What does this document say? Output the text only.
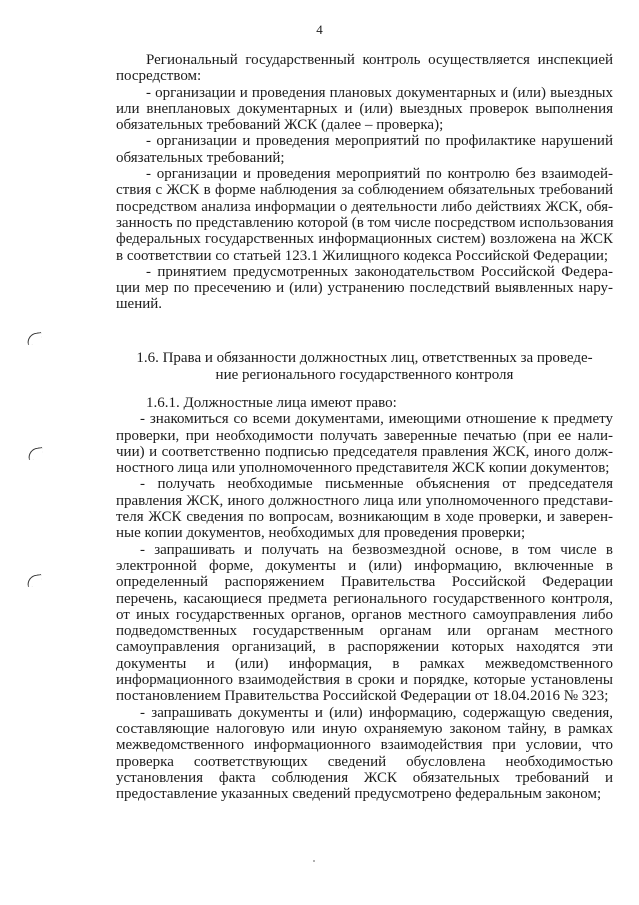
4
Региональный государственный контроль осуществляется инспекцией
посредством:
- организации и проведения плановых документарных и (или) выездных
или внеплановых документарных и (или) выездных проверок выполнения
обязательных требований ЖСК (далее – проверка);
- организации и проведения мероприятий по профилактике нарушений
обязательных требований;
- организации и проведения мероприятий по контролю без взаимодей-
ствия с ЖСК в форме наблюдения за соблюдением обязательных требований
посредством анализа информации о деятельности либо действиях ЖСК, обя-
занность по представлению которой (в том числе посредством использования
федеральных государственных информационных систем) возложена на ЖСК
в соответствии со статьей 123.1 Жилищного кодекса Российской Федерации;
- принятием предусмотренных законодательством Российской Федера-
ции мер по пресечению и (или) устранению последствий выявленных нару-
шений.
1.6. Права и обязанности должностных лиц, ответственных за проведе-
ние регионального государственного контроля
1.6.1. Должностные лица имеют право:
- знакомиться со всеми документами, имеющими отношение к предмету
проверки, при необходимости получать заверенные печатью (при ее нали-
чии) и соответственно подписью председателя правления ЖСК, иного долж-
ностного лица или уполномоченного представителя ЖСК копии документов;
- получать необходимые письменные объяснения от председателя
правления ЖСК, иного должностного лица или уполномоченного представи-
теля ЖСК сведения по вопросам, возникающим в ходе проверки, и заверен-
ные копии документов, необходимых для проведения проверки;
- запрашивать и получать на безвозмездной основе, в том числе в
электронной форме, документы и (или) информацию, включенные в
определенный распоряжением Правительства Российской Федерации
перечень, касающиеся предмета регионального государственного контроля,
от иных государственных органов, органов местного самоуправления либо
подведомственных государственным органам или органам местного
самоуправления организаций, в распоряжении которых находятся эти
документы и (или) информация, в рамках межведомственного
информационного взаимодействия в сроки и порядке, которые установлены
постановлением Правительства Российской Федерации от 18.04.2016 № 323;
- запрашивать документы и (или) информацию, содержащую сведения,
составляющие налоговую или иную охраняемую законом тайну, в рамках
межведомственного информационного взаимодействия при условии, что
проверка соответствующих сведений обусловлена необходимостью
установления факта соблюдения ЖСК обязательных требований и
предоставление указанных сведений предусмотрено федеральным законом;
